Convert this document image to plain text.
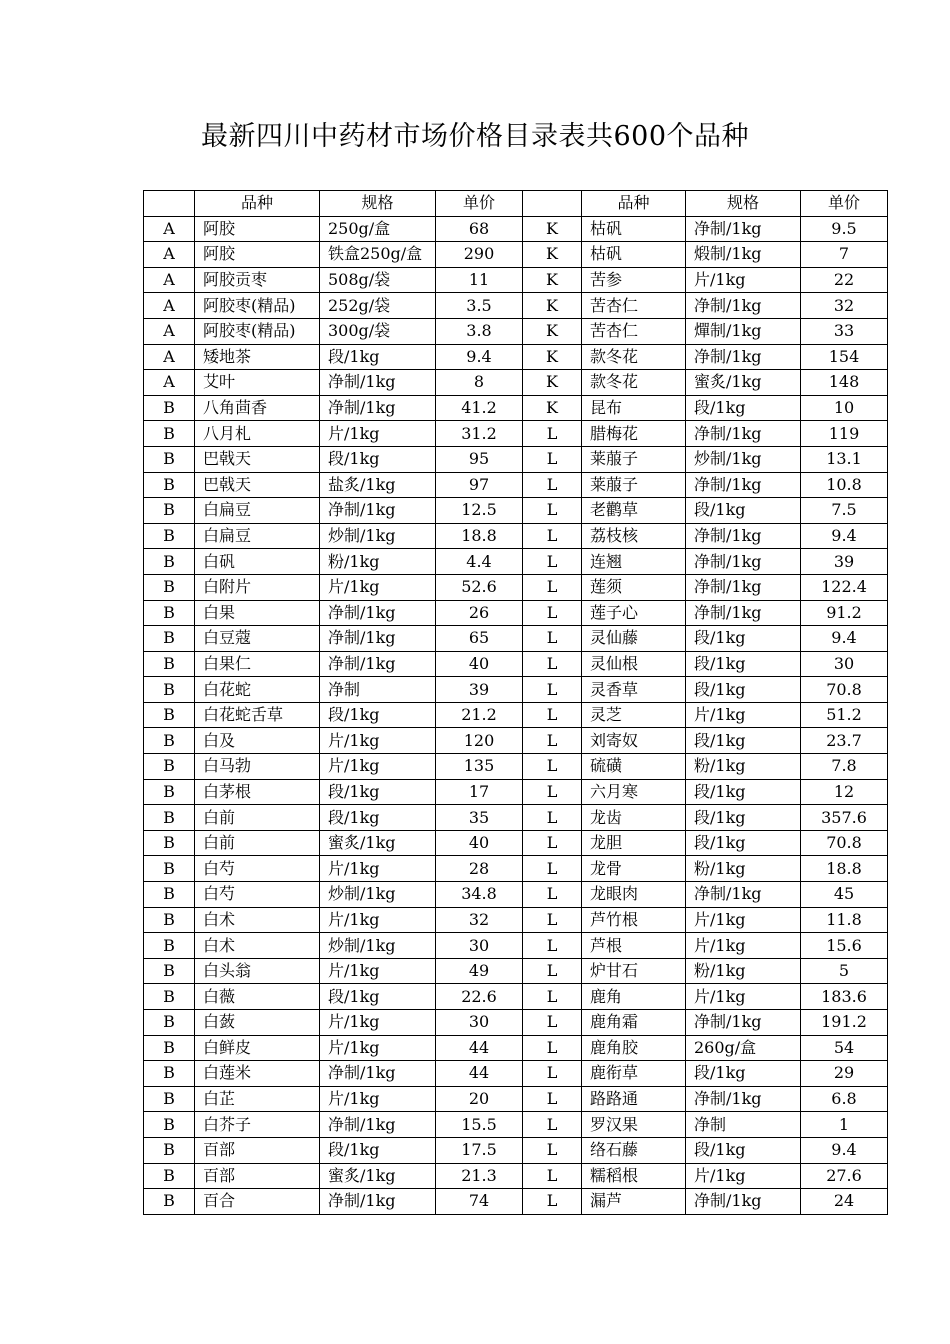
最新四川中药材市场价格目录表共600个品种
	品种	规格	单价		品种	规格	单价
A	阿胶	250g/盒	68	K	枯矾	净制/1kg	9.5
A	阿胶	铁盒250g/盒	290	K	枯矾	煅制/1kg	7
A	阿胶贡枣	508g/袋	11	K	苦参	片/1kg	22
A	阿胶枣(精品)	252g/袋	3.5	K	苦杏仁	净制/1kg	32
A	阿胶枣(精品)	300g/袋	3.8	K	苦杏仁	燀制/1kg	33
A	矮地茶	段/1kg	9.4	K	款冬花	净制/1kg	154
A	艾叶	净制/1kg	8	K	款冬花	蜜炙/1kg	148
B	八角茴香	净制/1kg	41.2	K	昆布	段/1kg	10
B	八月札	片/1kg	31.2	L	腊梅花	净制/1kg	119
B	巴戟天	段/1kg	95	L	莱菔子	炒制/1kg	13.1
B	巴戟天	盐炙/1kg	97	L	莱菔子	净制/1kg	10.8
B	白扁豆	净制/1kg	12.5	L	老鹳草	段/1kg	7.5
B	白扁豆	炒制/1kg	18.8	L	荔枝核	净制/1kg	9.4
B	白矾	粉/1kg	4.4	L	连翘	净制/1kg	39
B	白附片	片/1kg	52.6	L	莲须	净制/1kg	122.4
B	白果	净制/1kg	26	L	莲子心	净制/1kg	91.2
B	白豆蔻	净制/1kg	65	L	灵仙藤	段/1kg	9.4
B	白果仁	净制/1kg	40	L	灵仙根	段/1kg	30
B	白花蛇	净制	39	L	灵香草	段/1kg	70.8
B	白花蛇舌草	段/1kg	21.2	L	灵芝	片/1kg	51.2
B	白及	片/1kg	120	L	刘寄奴	段/1kg	23.7
B	白马勃	片/1kg	135	L	硫磺	粉/1kg	7.8
B	白茅根	段/1kg	17	L	六月寒	段/1kg	12
B	白前	段/1kg	35	L	龙齿	段/1kg	357.6
B	白前	蜜炙/1kg	40	L	龙胆	段/1kg	70.8
B	白芍	片/1kg	28	L	龙骨	粉/1kg	18.8
B	白芍	炒制/1kg	34.8	L	龙眼肉	净制/1kg	45
B	白术	片/1kg	32	L	芦竹根	片/1kg	11.8
B	白术	炒制/1kg	30	L	芦根	片/1kg	15.6
B	白头翁	片/1kg	49	L	炉甘石	粉/1kg	5
B	白薇	段/1kg	22.6	L	鹿角	片/1kg	183.6
B	白蔹	片/1kg	30	L	鹿角霜	净制/1kg	191.2
B	白鲜皮	片/1kg	44	L	鹿角胶	260g/盒	54
B	白莲米	净制/1kg	44	L	鹿衔草	段/1kg	29
B	白芷	片/1kg	20	L	路路通	净制/1kg	6.8
B	白芥子	净制/1kg	15.5	L	罗汉果	净制	1
B	百部	段/1kg	17.5	L	络石藤	段/1kg	9.4
B	百部	蜜炙/1kg	21.3	L	糯稻根	片/1kg	27.6
B	百合	净制/1kg	74	L	漏芦	净制/1kg	24
